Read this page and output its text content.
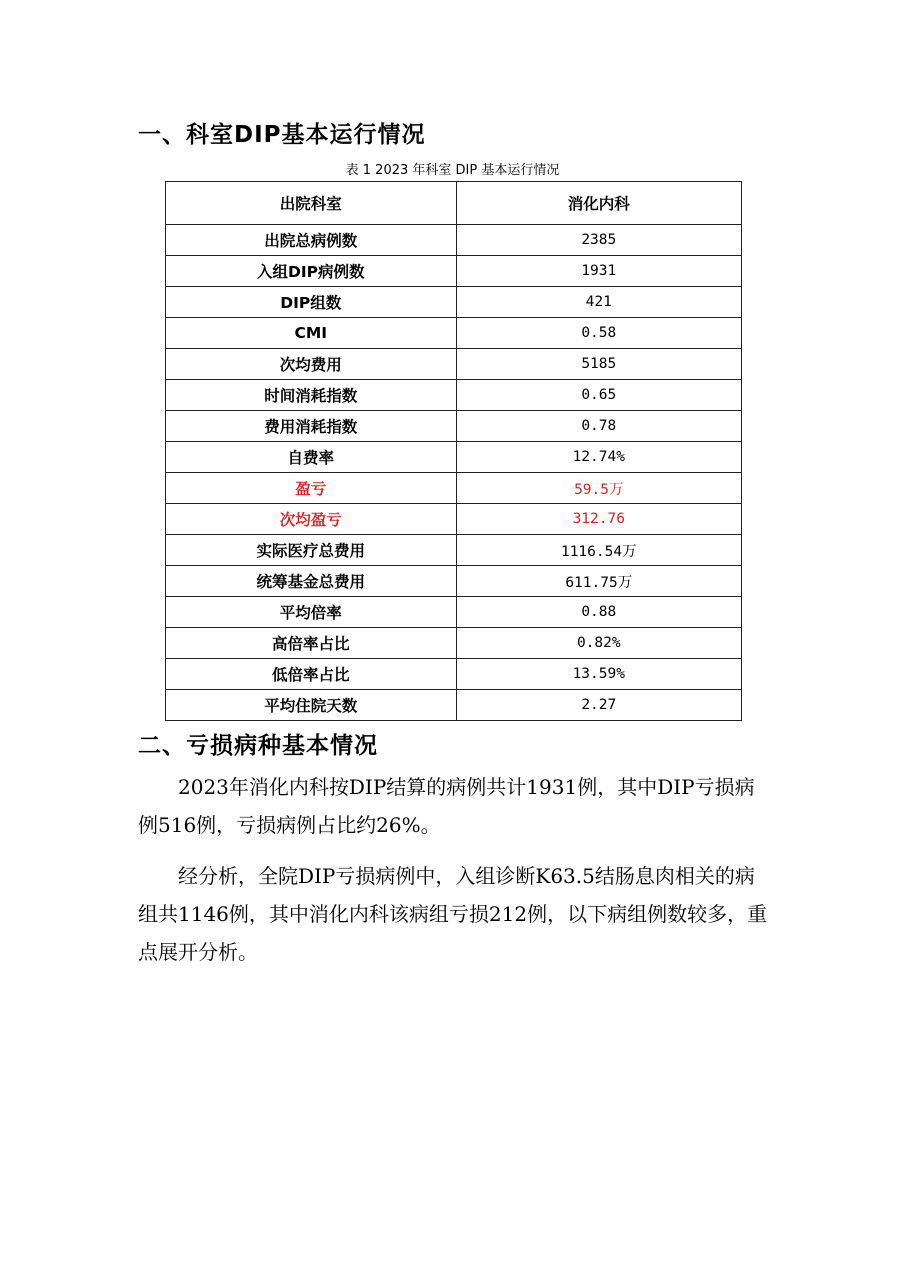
一、科室DIP基本运行情况
表 1 2023 年科室 DIP 基本运行情况
出院科室	消化内科
出院总病例数	2385
入组DIP病例数	1931
DIP组数	421
CMI	0.58
次均费用	5185
时间消耗指数	0.65
费用消耗指数	0.78
自费率	12.74%
盈亏	59.5万
次均盈亏	312.76
实际医疗总费用	1116.54万
统筹基金总费用	611.75万
平均倍率	0.88
高倍率占比	0.82%
低倍率占比	13.59%
平均住院天数	2.27
二、亏损病种基本情况

2023年消化内科按DIP结算的病例共计1931例，其中DIP亏损病例516例，亏损病例占比约26%。

经分析，全院DIP亏损病例中，入组诊断K63.5结肠息肉相关的病组共1146例，其中消化内科该病组亏损212例，以下病组例数较多，重点展开分析。
